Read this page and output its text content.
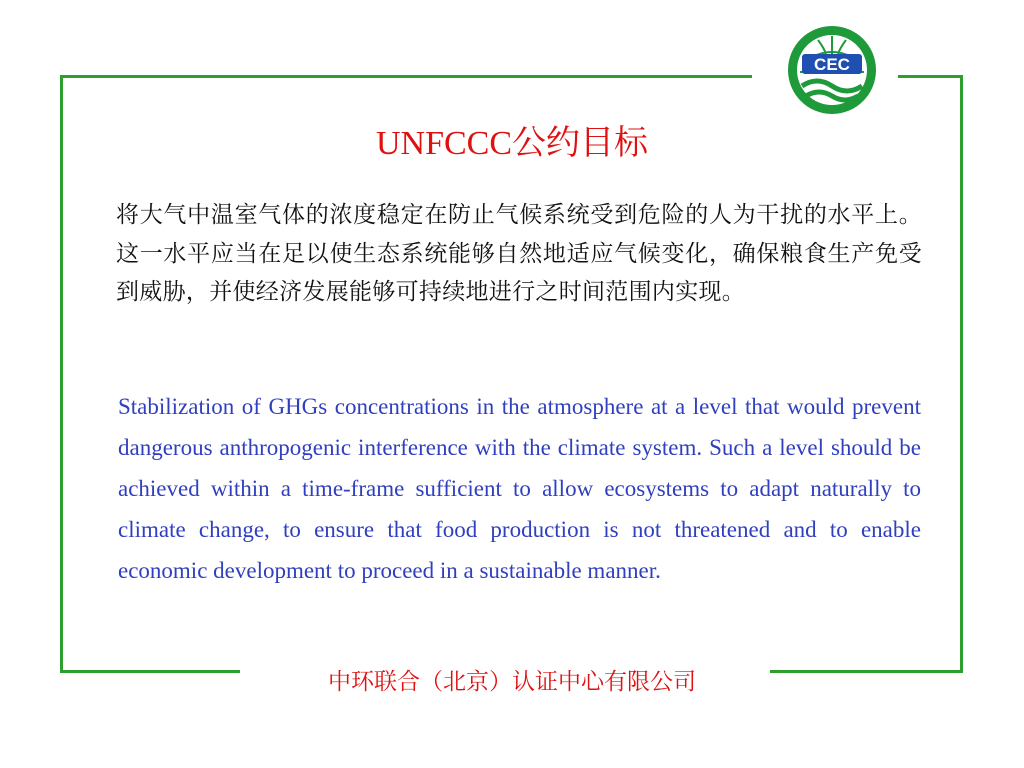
CEC
UNFCCC公约目标
将大气中温室气体的浓度稳定在防止气候系统受到危险的人为干扰的水平上。这一水平应当在足以使生态系统能够自然地适应气候变化，确保粮食生产免受到威胁，并使经济发展能够可持续地进行之时间范围内实现。
Stabilization of GHGs concentrations in the atmosphere at a level that would prevent dangerous anthropogenic interference with the climate system. Such a level should be achieved within a time-frame sufficient to allow ecosystems to adapt naturally to climate change, to ensure that food production is not threatened and to enable economic development to proceed in a sustainable manner.
中环联合（北京）认证中心有限公司
